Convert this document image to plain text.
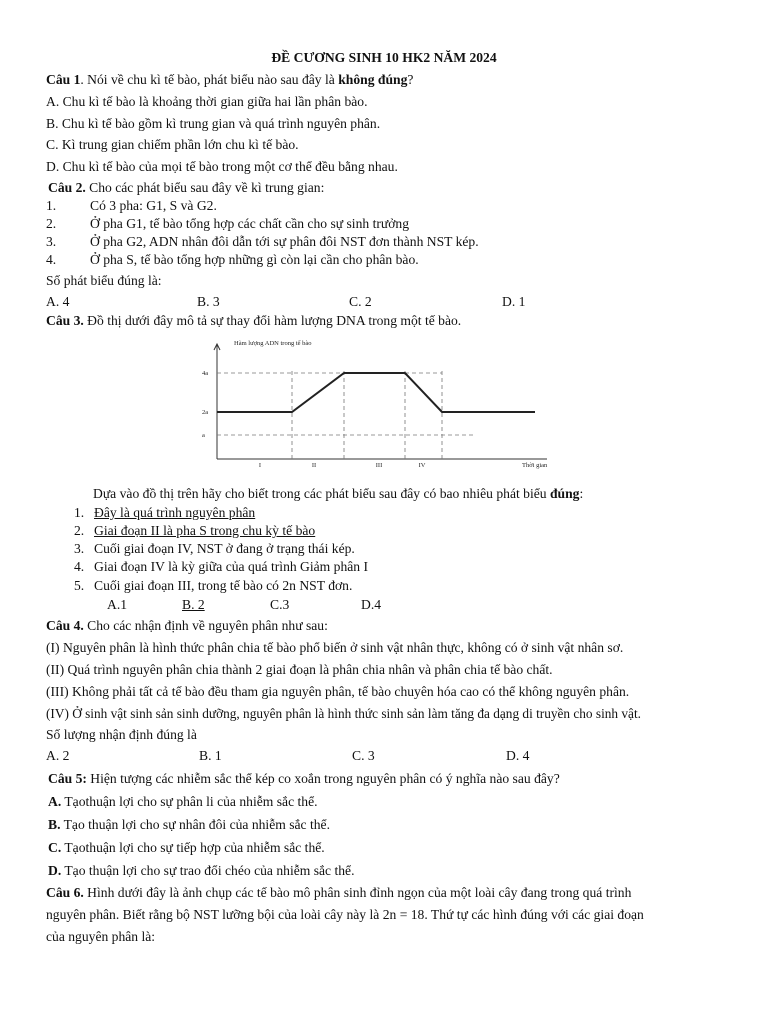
ĐỀ CƯƠNG SINH 10 HK2 NĂM 2024
Câu 1. Nói về chu kì tế bào, phát biểu nào sau đây là không đúng?
A. Chu kì tế bào là khoảng thời gian giữa hai lần phân bào.
B. Chu kì tế bào gồm kì trung gian và quá trình nguyên phân.
C. Kì trung gian chiếm phần lớn chu kì tế bào.
D. Chu kì tế bào của mọi tế bào trong một cơ thể đều bằng nhau.
Câu 2. Cho các phát biểu sau đây về kì trung gian:
1. Có 3 pha: G1, S và G2.
2. Ở pha G1, tế bào tổng hợp các chất cần cho sự sinh trưởng
3. Ở pha G2, ADN nhân đôi dẫn tới sự phân đôi NST đơn thành NST kép.
4. Ở pha S, tế bào tổng hợp những gì còn lại cần cho phân bào.
Số phát biểu đúng là:
A. 4	B. 3	C. 2	D. 1
Câu 3. Đồ thị dưới đây mô tả sự thay đổi hàm lượng DNA trong một tế bào.
Hàm lượng ADN trong tế bào
Thời gian
4a
2a
a
I	II	III	IV
Dựa vào đồ thị trên hãy cho biết trong các phát biểu sau đây có bao nhiêu phát biểu đúng:
1. Đây là quá trình nguyên phân
2. Giai đoạn II là pha S trong chu kỳ tế bào
3. Cuối giai đoạn IV, NST ở đang ở trạng thái kép.
4. Giai đoạn IV là kỳ giữa của quá trình Giảm phân I
5. Cuối giai đoạn III, trong tế bào có 2n NST đơn.
A.1	B. 2	C.3	D.4
Câu 4. Cho các nhận định về nguyên phân như sau:
(I) Nguyên phân là hình thức phân chia tế bào phổ biến ở sinh vật nhân thực, không có ở sinh vật nhân sơ.
(II) Quá trình nguyên phân chia thành 2 giai đoạn là phân chia nhân và phân chia tế bào chất.
(III) Không phải tất cả tế bào đều tham gia nguyên phân, tế bào chuyên hóa cao có thể không nguyên phân.
(IV) Ở sinh vật sinh sản sinh dưỡng, nguyên phân là hình thức sinh sản làm tăng đa dạng di truyền cho sinh vật.
Số lượng nhận định đúng là
A. 2	B. 1	C. 3	D. 4
Câu 5: Hiện tượng các nhiễm sắc thể kép co xoắn trong nguyên phân có ý nghĩa nào sau đây?
A. Tạothuận lợi cho sự phân li của nhiễm sắc thể.
B. Tạo thuận lợi cho sự nhân đôi của nhiễm sắc thể.
C. Tạothuận lợi cho sự tiếp hợp của nhiễm sắc thể.
D. Tạo thuận lợi cho sự trao đổi chéo của nhiễm sắc thể.
Câu 6. Hình dưới đây là ảnh chụp các tế bào mô phân sinh đỉnh ngọn của một loài cây đang trong quá trình
nguyên phân. Biết rằng bộ NST lưỡng bội của loài cây này là 2n = 18. Thứ tự các hình đúng với các giai đoạn
của nguyên phân là:
